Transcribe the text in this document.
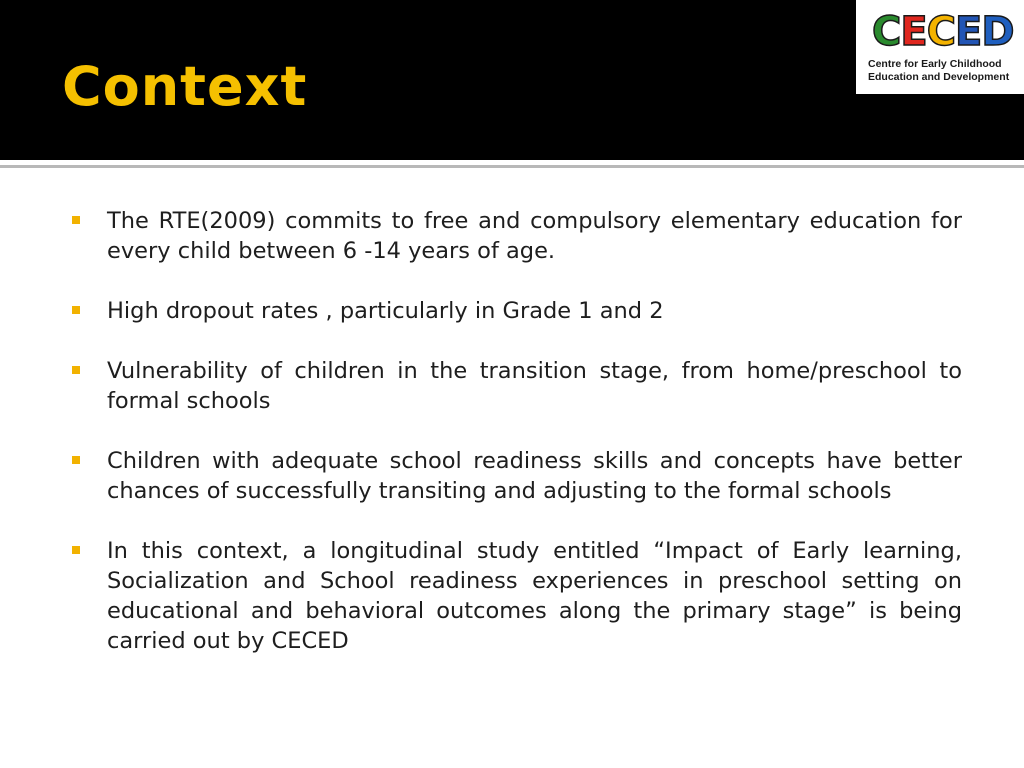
Context
CECED
Centre for Early Childhood
Education and Development
The RTE(2009) commits to free and compulsory elementary education for every child between 6 -14 years of age.
High dropout rates , particularly in Grade 1 and 2
Vulnerability of children in the transition stage, from home/preschool to formal schools
Children with adequate school readiness skills and concepts have better chances of successfully transiting and adjusting to the formal schools
In this context, a longitudinal study entitled “Impact of Early learning, Socialization and School readiness experiences in preschool setting on educational and behavioral outcomes along the primary stage” is being carried out by CECED
